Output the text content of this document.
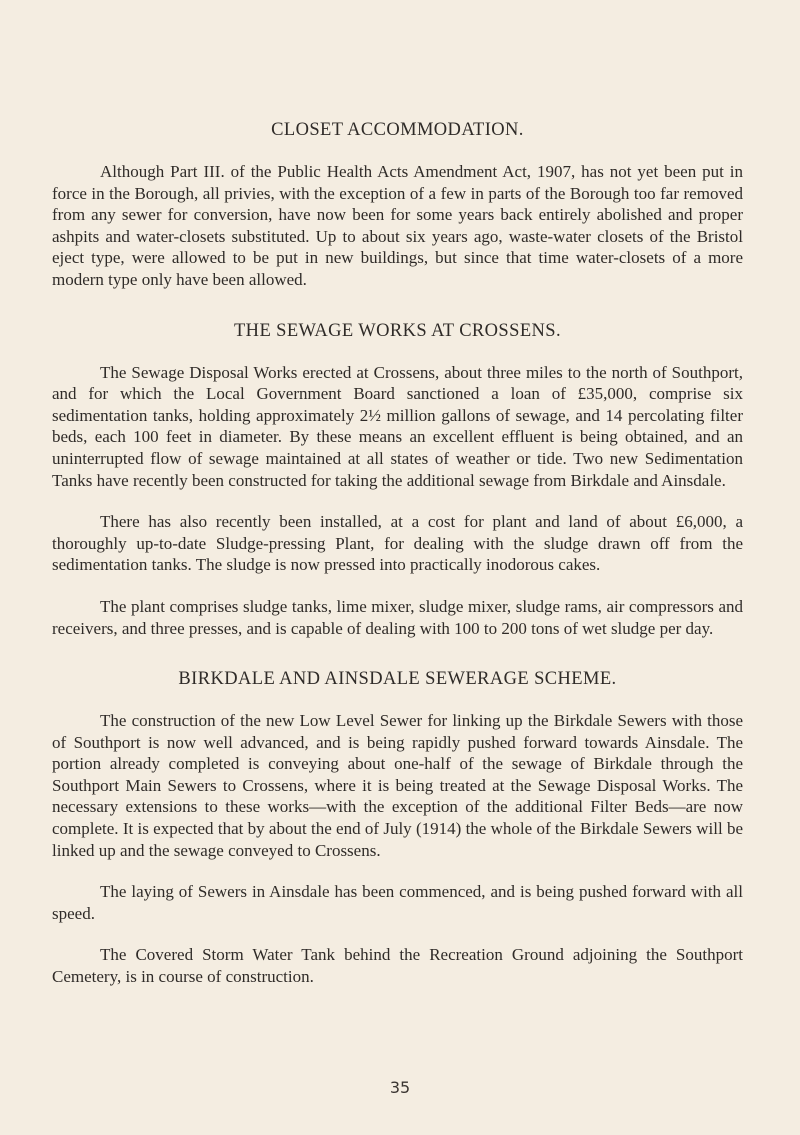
CLOSET ACCOMMODATION.

Although Part III. of the Public Health Acts Amendment Act, 1907, has not yet been put in force in the Borough, all privies, with the exception of a few in parts of the Borough too far removed from any sewer for conversion, have now been for some years back entirely abolished and proper ashpits and water-closets substituted. Up to about six years ago, waste-water closets of the Bristol eject type, were allowed to be put in new buildings, but since that time water-closets of a more modern type only have been allowed.

THE SEWAGE WORKS AT CROSSENS.

The Sewage Disposal Works erected at Crossens, about three miles to the north of Southport, and for which the Local Government Board sanctioned a loan of £35,000, comprise six sedimentation tanks, holding approximately 2½ million gallons of sewage, and 14 percolating filter beds, each 100 feet in diameter. By these means an excellent effluent is being obtained, and an uninterrupted flow of sewage maintained at all states of weather or tide. Two new Sedimentation Tanks have recently been constructed for taking the additional sewage from Birkdale and Ainsdale.

There has also recently been installed, at a cost for plant and land of about £6,000, a thoroughly up-to-date Sludge-pressing Plant, for dealing with the sludge drawn off from the sedimentation tanks. The sludge is now pressed into practically inodorous cakes.

The plant comprises sludge tanks, lime mixer, sludge mixer, sludge rams, air compressors and receivers, and three presses, and is capable of dealing with 100 to 200 tons of wet sludge per day.

BIRKDALE AND AINSDALE SEWERAGE SCHEME.

The construction of the new Low Level Sewer for linking up the Birkdale Sewers with those of Southport is now well advanced, and is being rapidly pushed forward towards Ainsdale. The portion already completed is conveying about one-half of the sewage of Birkdale through the Southport Main Sewers to Crossens, where it is being treated at the Sewage Disposal Works. The necessary extensions to these works—with the exception of the additional Filter Beds—are now complete. It is expected that by about the end of July (1914) the whole of the Birkdale Sewers will be linked up and the sewage conveyed to Crossens.

The laying of Sewers in Ainsdale has been commenced, and is being pushed forward with all speed.

The Covered Storm Water Tank behind the Recreation Ground adjoining the Southport Cemetery, is in course of construction.

35
